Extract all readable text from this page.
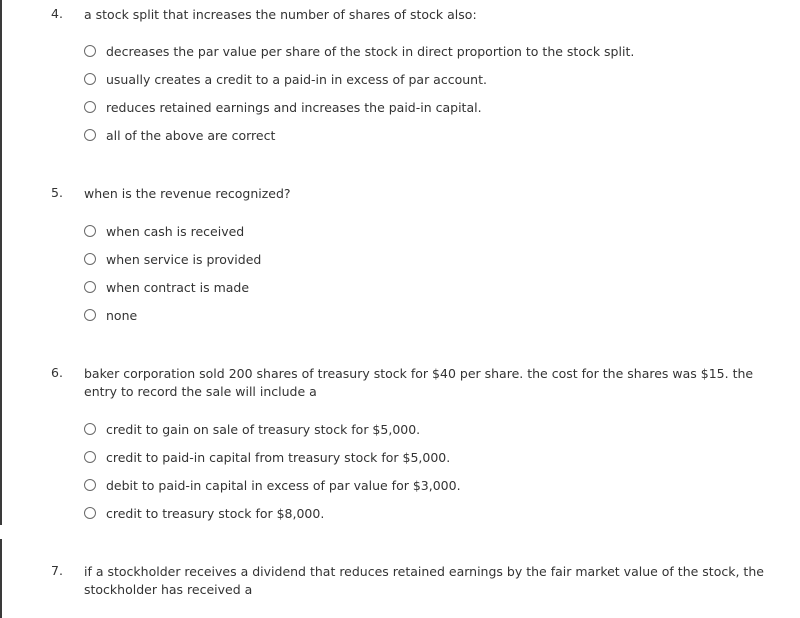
4. a stock split that increases the number of shares of stock also:
decreases the par value per share of the stock in direct proportion to the stock split.
usually creates a credit to a paid-in in excess of par account.
reduces retained earnings and increases the paid-in capital.
all of the above are correct
5. when is the revenue recognized?
when cash is received
when service is provided
when contract is made
none
6. baker corporation sold 200 shares of treasury stock for $40 per share. the cost for the shares was $15. the entry to record the sale will include a
credit to gain on sale of treasury stock for $5,000.
credit to paid-in capital from treasury stock for $5,000.
debit to paid-in capital in excess of par value for $3,000.
credit to treasury stock for $8,000.
7. if a stockholder receives a dividend that reduces retained earnings by the fair market value of the stock, the stockholder has received a
